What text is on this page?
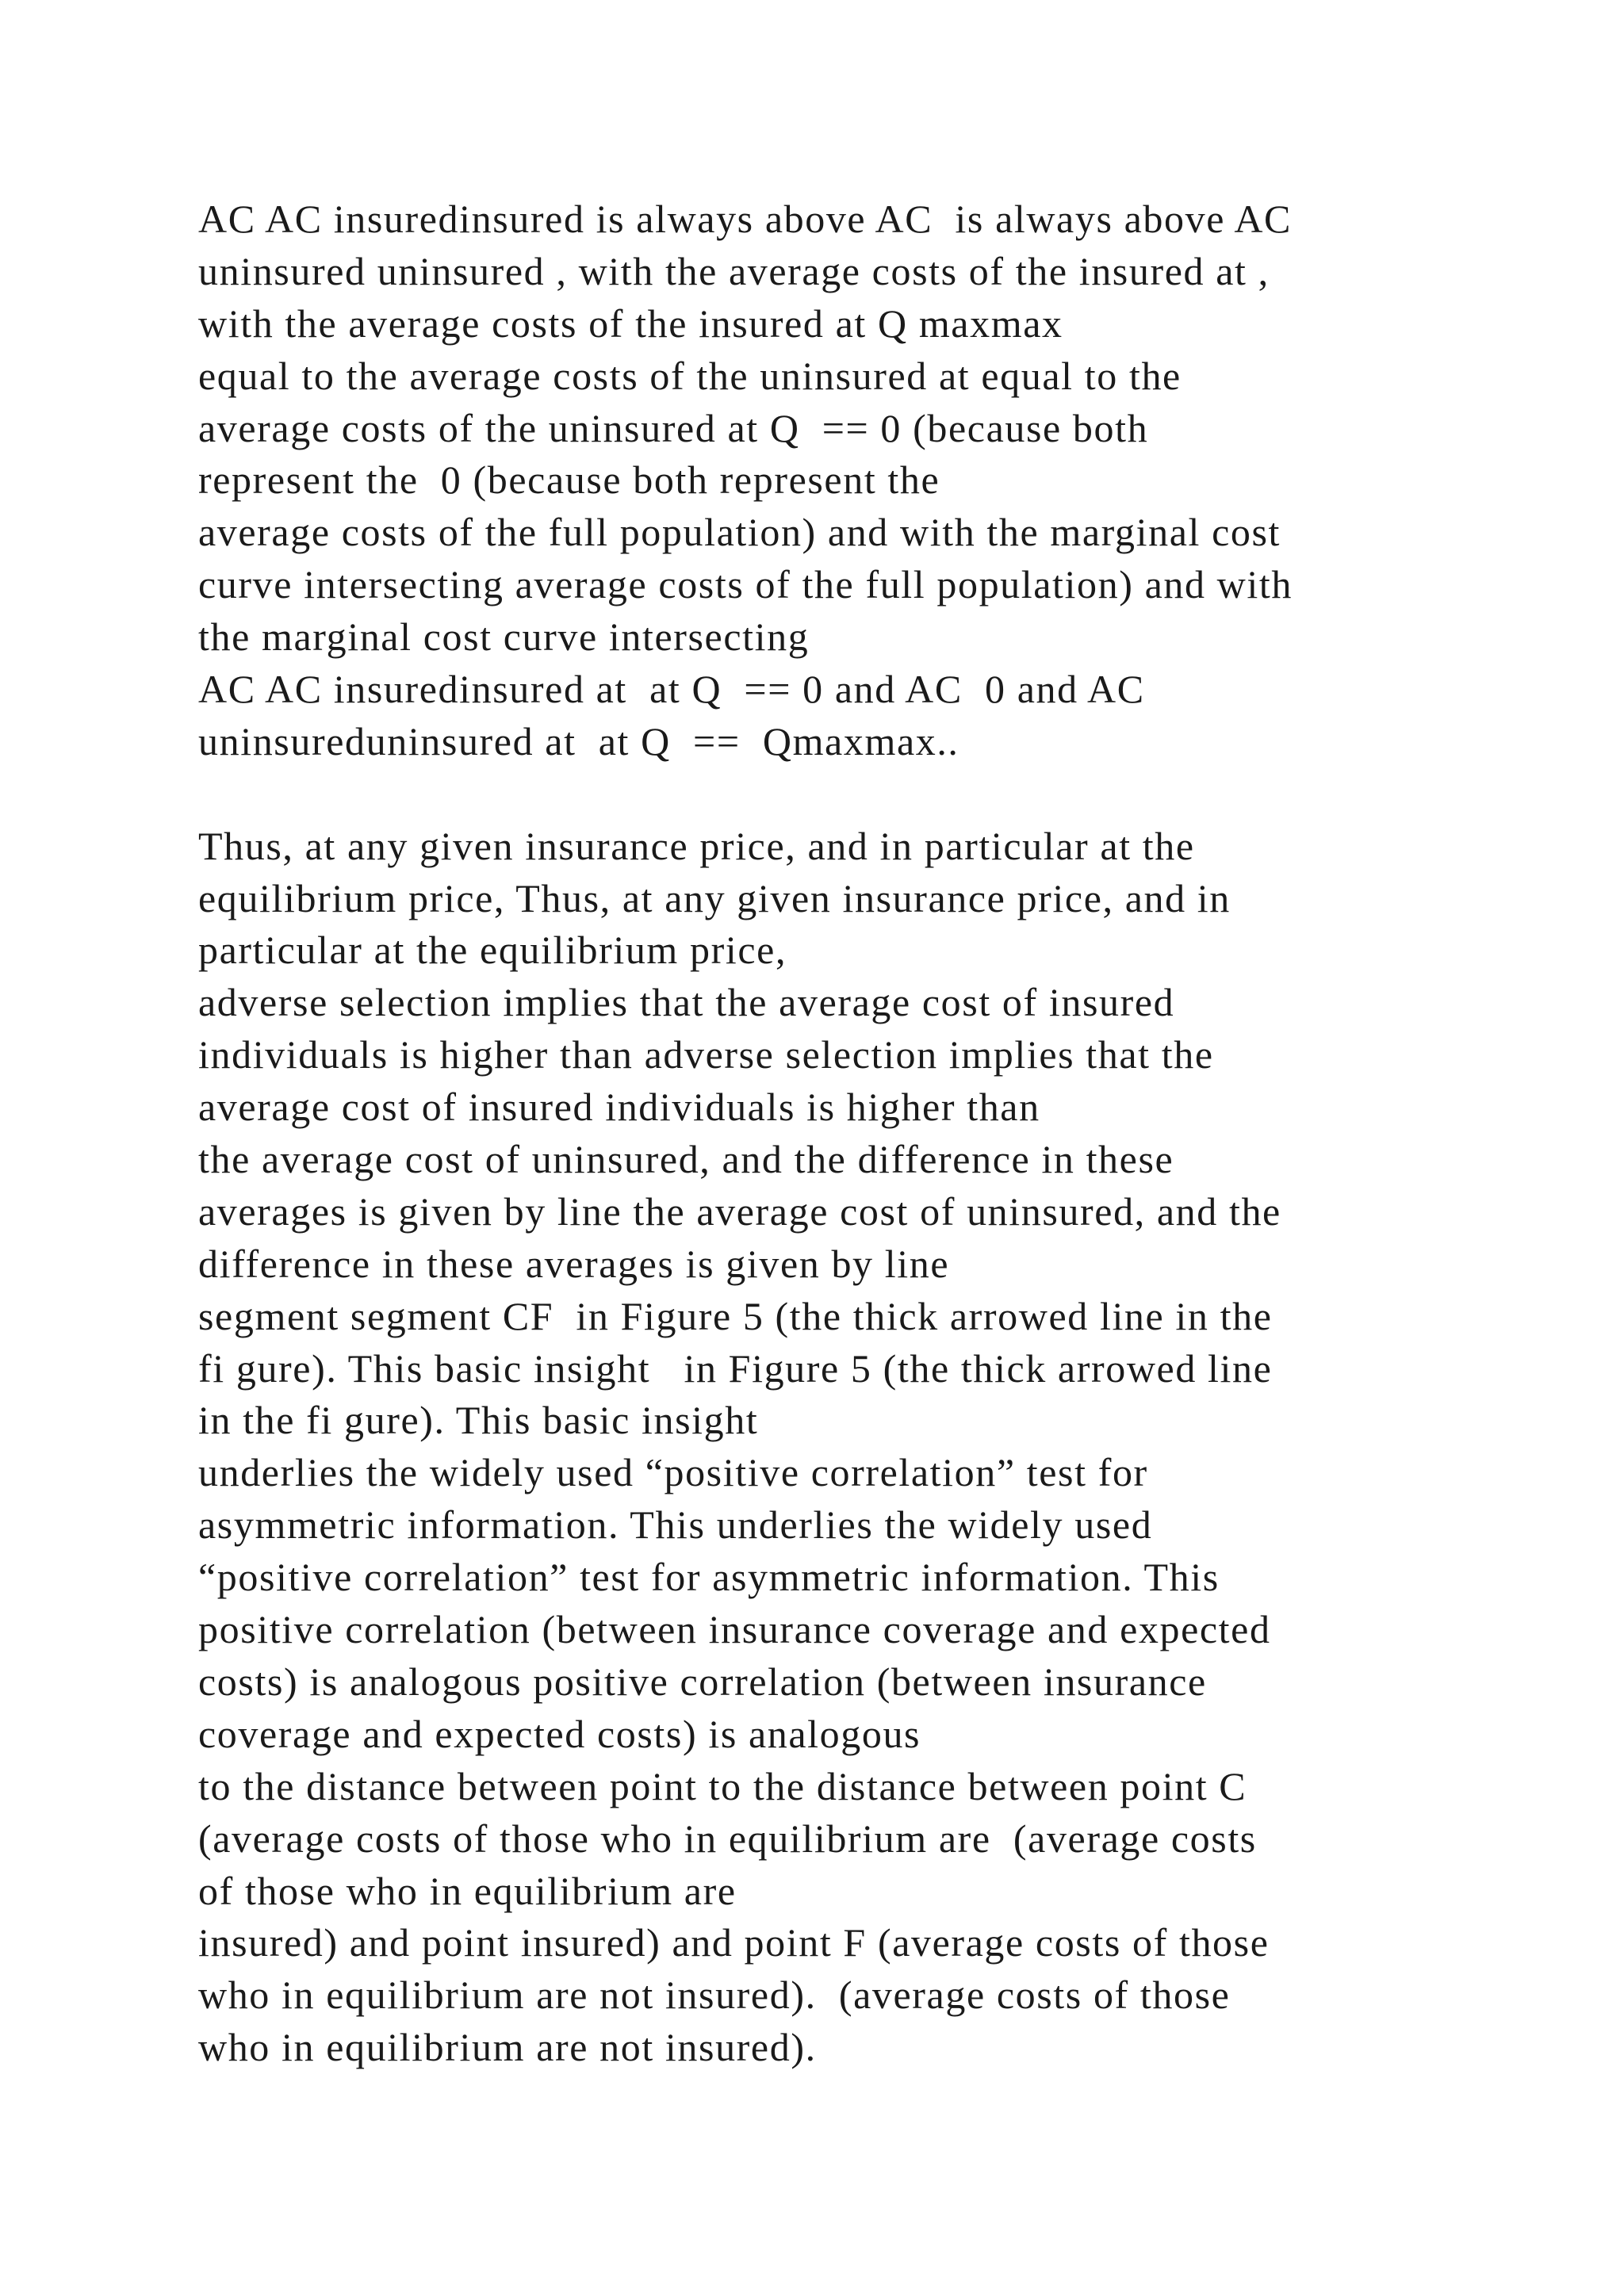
AC AC insuredinsured is always above AC  is always above AC
uninsured uninsured , with the average costs of the insured at ,
with the average costs of the insured at Q maxmax
equal to the average costs of the uninsured at equal to the
average costs of the uninsured at Q  == 0 (because both
represent the  0 (because both represent the
average costs of the full population) and with the marginal cost
curve intersecting average costs of the full population) and with
the marginal cost curve intersecting
AC AC insuredinsured at  at Q  == 0 and AC  0 and AC
uninsureduninsured at  at Q  ==  Qmaxmax..
Thus, at any given insurance price, and in particular at the
equilibrium price, Thus, at any given insurance price, and in
particular at the equilibrium price,
adverse selection implies that the average cost of insured
individuals is higher than adverse selection implies that the
average cost of insured individuals is higher than
the average cost of uninsured, and the difference in these
averages is given by line the average cost of uninsured, and the
difference in these averages is given by line
segment segment CF  in Figure 5 (the thick arrowed line in the
fi gure). This basic insight   in Figure 5 (the thick arrowed line
in the fi gure). This basic insight
underlies the widely used “positive correlation” test for
asymmetric information. This underlies the widely used
“positive correlation” test for asymmetric information. This
positive correlation (between insurance coverage and expected
costs) is analogous positive correlation (between insurance
coverage and expected costs) is analogous
to the distance between point to the distance between point C
(average costs of those who in equilibrium are  (average costs
of those who in equilibrium are
insured) and point insured) and point F (average costs of those
who in equilibrium are not insured).  (average costs of those
who in equilibrium are not insured).
